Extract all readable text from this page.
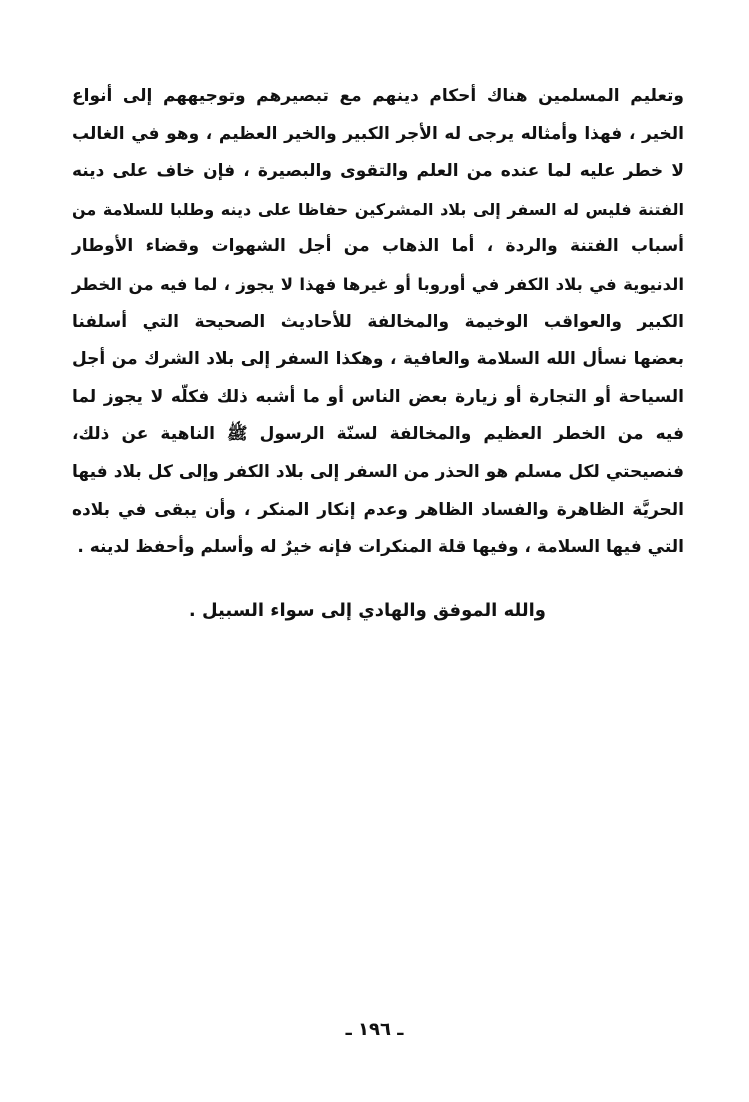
وتعليم المسلمين هناك أحكام دينهم مع تبصيرهم وتوجيههم إلى أنواع
الخير ، فهذا وأمثاله يرجى له الأجر الكبير والخير العظيم ، وهو في الغالب
لا خطر عليه لما عنده من العلم والتقوى والبصيرة ، فإن خاف على دينه
الفتنة فليس له السفر إلى بلاد المشركين حفاظا على دينه وطلبا للسلامة من
أسباب الفتنة والردة ، أما الذهاب من أجل الشهوات وقضاء الأوطار
الدنيوية في بلاد الكفر في أوروبا أو غيرها فهذا لا يجوز ، لما فيه من الخطر
الكبير والعواقب الوخيمة والمخالفة للأحاديث الصحيحة التي أسلفنا
بعضها نسأل الله السلامة والعافية ، وهكذا السفر إلى بلاد الشرك من أجل
السياحة أو التجارة أو زيارة بعض الناس أو ما أشبه ذلك فكلّه لا يجوز لما
فيه من الخطر العظيم والمخالفة لسنّة الرسول ﷺ الناهية عن ذلك،
فنصيحتي لكل مسلم هو الحذر من السفر إلى بلاد الكفر وإلى كل بلاد فيها
الحريَّة الظاهرة والفساد الظاهر وعدم إنكار المنكر ، وأن يبقى في بلاده
التي فيها السلامة ، وفيها قلة المنكرات فإنه خيرٌ له وأسلم وأحفظ لدينه .
والله الموفق والهادي إلى سواء السبيل .
ـ ١٩٦ ـ
